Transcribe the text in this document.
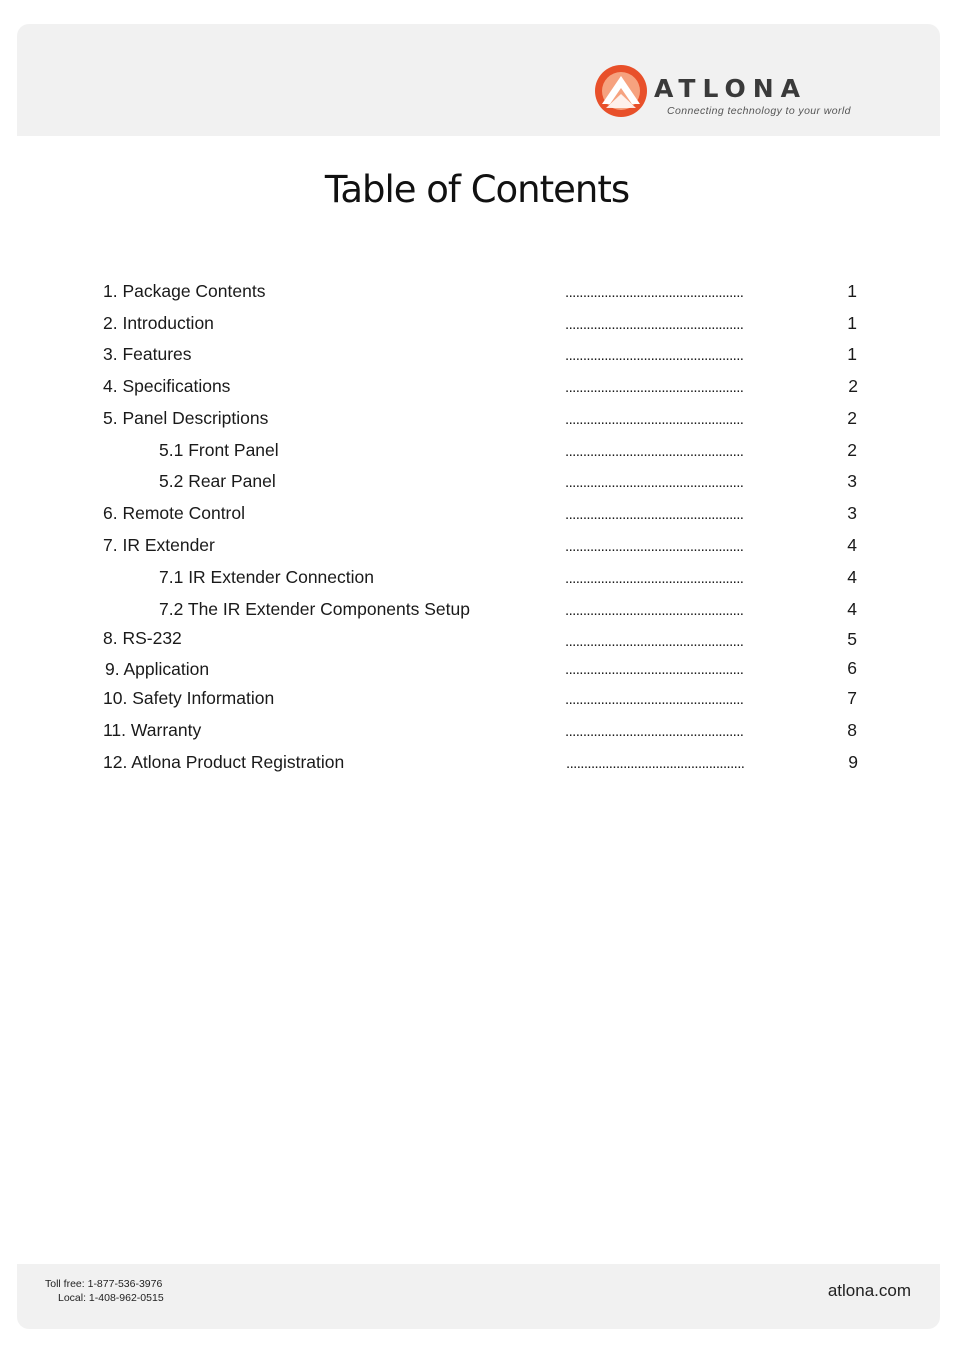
ATLONA
Connecting technology to your world
Table of Contents
1. Package Contents	..................................................	1
2. Introduction	..................................................	1
3. Features	..................................................	1
4. Specifications	..................................................	2
5. Panel Descriptions	..................................................	2
5.1 Front Panel	..................................................	2
5.2 Rear Panel	..................................................	3
6. Remote Control	..................................................	3
7. IR Extender	..................................................	4
7.1 IR Extender Connection	..................................................	4
7.2 The IR Extender Components Setup	..................................................	4
8. RS-232	..................................................	5
9. Application	..................................................	6
10. Safety Information	..................................................	7
11. Warranty	..................................................	8
12. Atlona Product Registration	..................................................	9
Toll free: 1-877-536-3976
Local: 1-408-962-0515	atlona.com
